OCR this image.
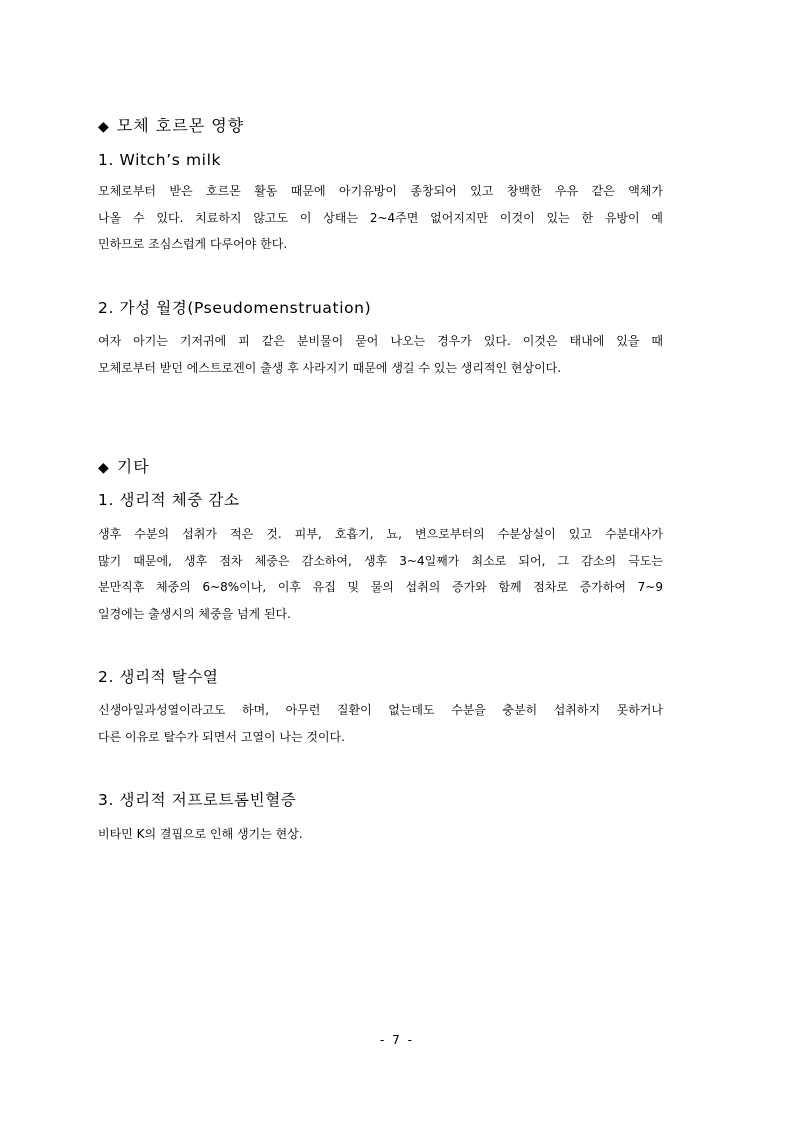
◆ 모체 호르몬 영향
1. Witch’s milk
모체로부터 받은 호르몬 활동 때문에 아기유방이 종창되어 있고 창백한 우유 같은 액체가
나올 수 있다. 치료하지 않고도 이 상태는 2~4주면 없어지지만 이것이 있는 한 유방이 예
민하므로 조심스럽게 다루어야 한다.
2. 가성 월경(Pseudomenstruation)
여자 아기는 기저귀에 피 같은 분비물이 묻어 나오는 경우가 있다. 이것은 태내에 있을 때
모체로부터 받던 에스트로겐이 출생 후 사라지기 때문에 생길 수 있는 생리적인 현상이다.
◆ 기타
1. 생리적 체중 감소
생후 수분의 섭취가 적은 것. 피부, 호흡기, 뇨, 변으로부터의 수분상실이 있고 수분대사가
많기 때문에, 생후 점차 체중은 감소하여, 생후 3~4일째가 최소로 되어, 그 감소의 극도는
분만직후 체중의 6~8%이나, 이후 유집 및 물의 섭취의 증가와 함께 점차로 증가하여 7~9
일경에는 출생시의 체중을 넘게 된다.
2. 생리적 탈수열
신생아일과성열이라고도 하며, 아무런 질환이 없는데도 수분을 충분히 섭취하지 못하거나
다른 이유로 탈수가 되면서 고열이 나는 것이다.
3. 생리적 저프로트롬빈혈증
비타민 K의 결핍으로 인해 생기는 현상.
- 7 -
